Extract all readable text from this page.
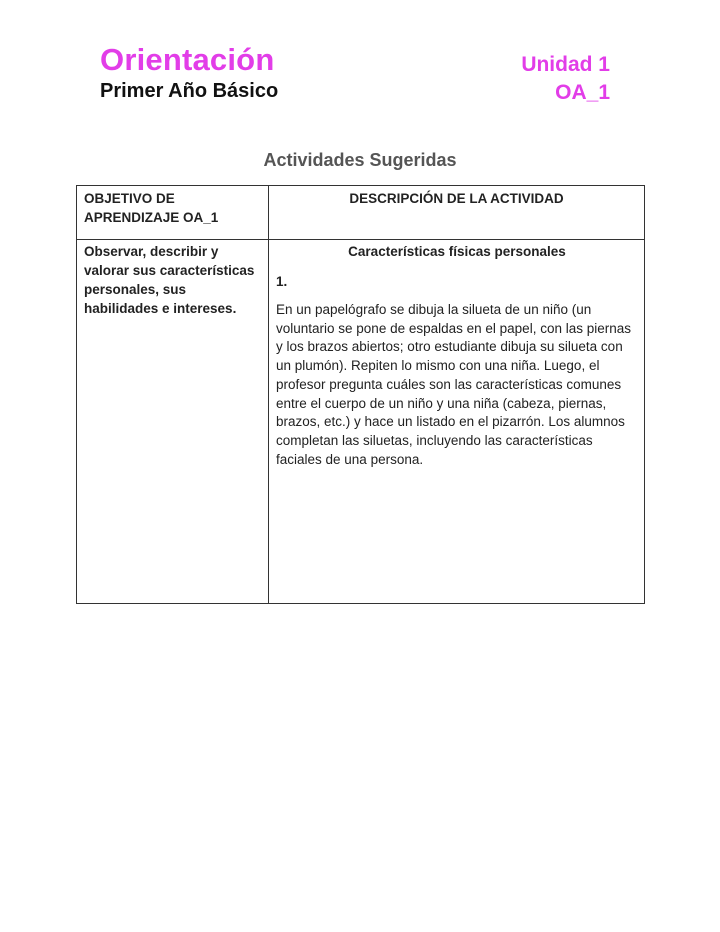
Orientación
Primer Año Básico
Unidad 1
OA_1
Actividades Sugeridas
OBJETIVO DE APRENDIZAJE OA_1	DESCRIPCIÓN DE LA ACTIVIDAD
Observar, describir y valorar sus características personales, sus habilidades e intereses.	Características físicas personales
1.
En un papelógrafo se dibuja la silueta de un niño (un voluntario se pone de espaldas en el papel, con las piernas y los brazos abiertos; otro estudiante dibuja su silueta con un plumón). Repiten lo mismo con una niña. Luego, el profesor pregunta cuáles son las características comunes entre el cuerpo de un niño y una niña (cabeza, piernas, brazos, etc.) y hace un listado en el pizarrón. Los alumnos completan las siluetas, incluyendo las características faciales de una persona.
